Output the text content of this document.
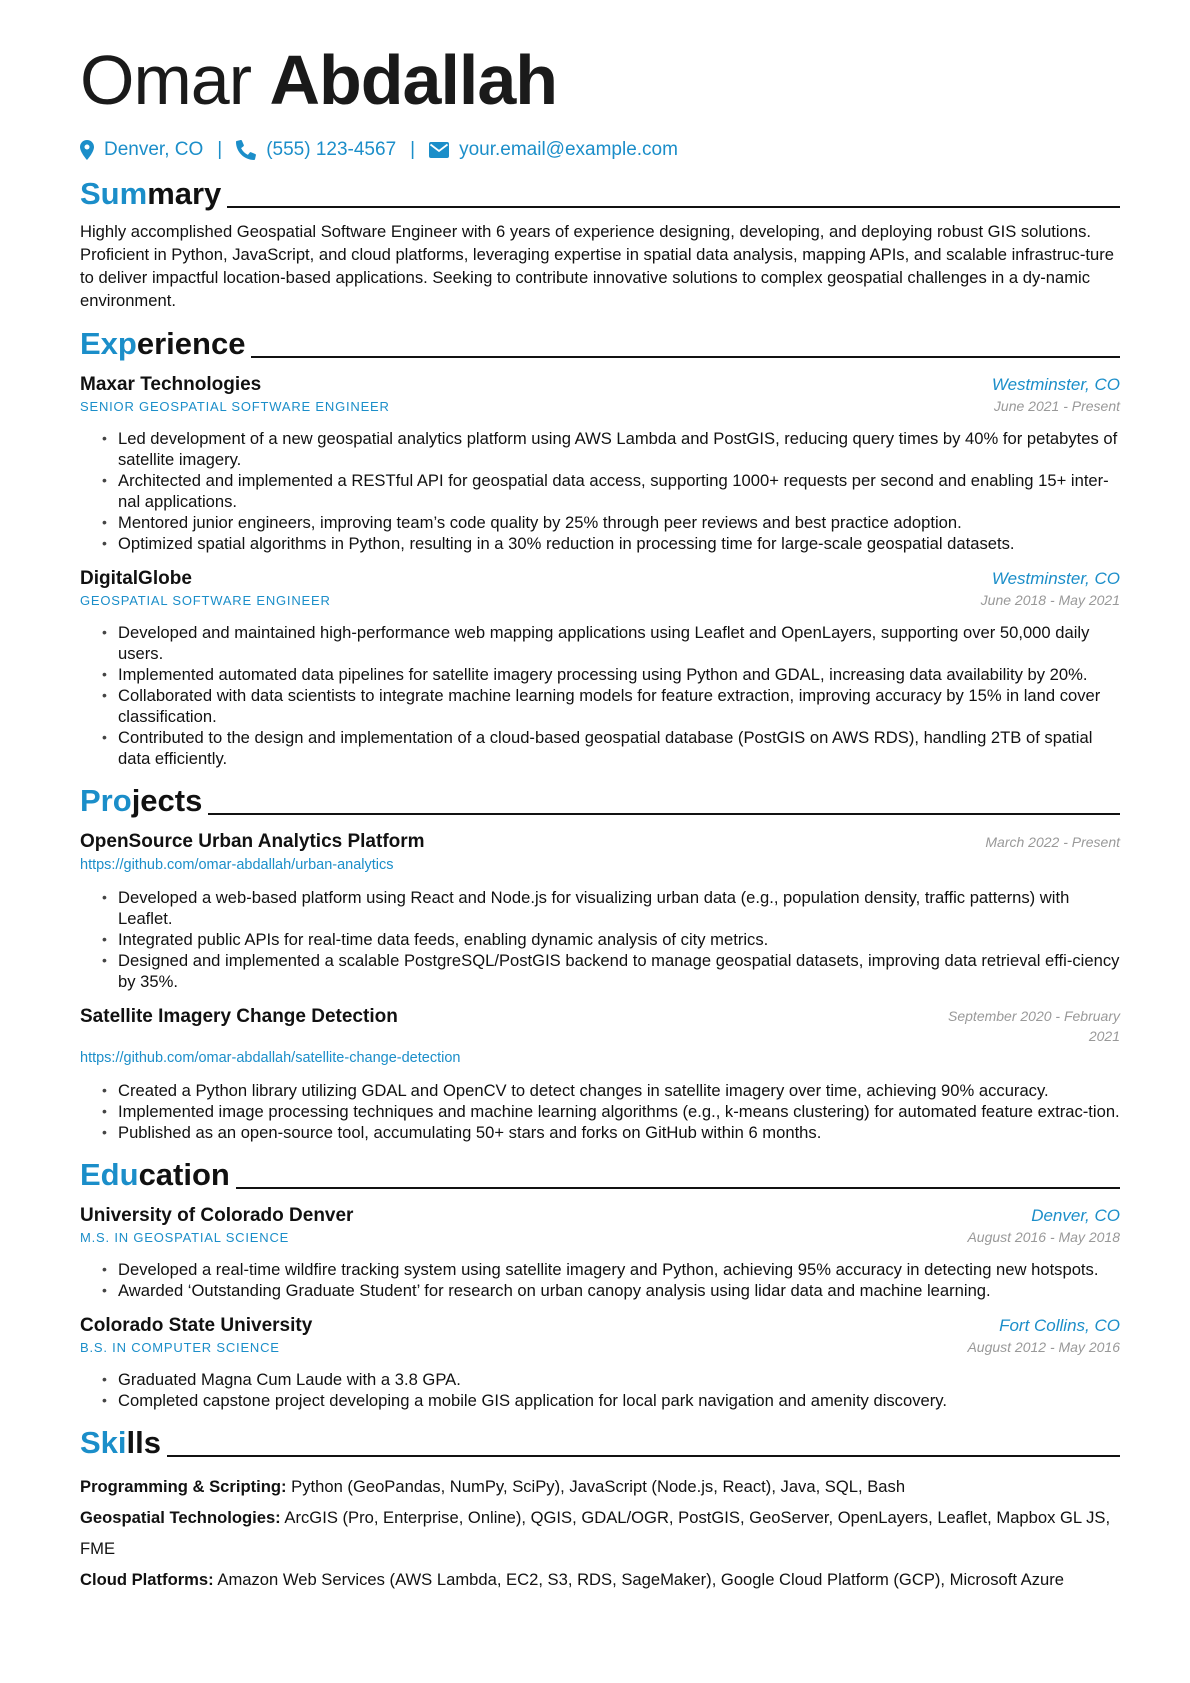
Omar Abdallah
Denver, CO | (555) 123-4567 | your.email@example.com
Summary
Highly accomplished Geospatial Software Engineer with 6 years of experience designing, developing, and deploying robust GIS solutions. Proficient in Python, JavaScript, and cloud platforms, leveraging expertise in spatial data analysis, mapping APIs, and scalable infrastruc-ture to deliver impactful location-based applications. Seeking to contribute innovative solutions to complex geospatial challenges in a dy-namic environment.
Experience
Maxar Technologies	Westminster, CO
SENIOR GEOSPATIAL SOFTWARE ENGINEER	June 2021 - Present
• Led development of a new geospatial analytics platform using AWS Lambda and PostGIS, reducing query times by 40% for petabytes of satellite imagery.
• Architected and implemented a RESTful API for geospatial data access, supporting 1000+ requests per second and enabling 15+ inter-nal applications.
• Mentored junior engineers, improving team’s code quality by 25% through peer reviews and best practice adoption.
• Optimized spatial algorithms in Python, resulting in a 30% reduction in processing time for large-scale geospatial datasets.
DigitalGlobe	Westminster, CO
GEOSPATIAL SOFTWARE ENGINEER	June 2018 - May 2021
• Developed and maintained high-performance web mapping applications using Leaflet and OpenLayers, supporting over 50,000 daily users.
• Implemented automated data pipelines for satellite imagery processing using Python and GDAL, increasing data availability by 20%.
• Collaborated with data scientists to integrate machine learning models for feature extraction, improving accuracy by 15% in land cover classification.
• Contributed to the design and implementation of a cloud-based geospatial database (PostGIS on AWS RDS), handling 2TB of spatial data efficiently.
Projects
OpenSource Urban Analytics Platform	March 2022 - Present
https://github.com/omar-abdallah/urban-analytics
• Developed a web-based platform using React and Node.js for visualizing urban data (e.g., population density, traffic patterns) with Leaflet.
• Integrated public APIs for real-time data feeds, enabling dynamic analysis of city metrics.
• Designed and implemented a scalable PostgreSQL/PostGIS backend to manage geospatial datasets, improving data retrieval effi-ciency by 35%.
Satellite Imagery Change Detection	September 2020 - February 2021
https://github.com/omar-abdallah/satellite-change-detection
• Created a Python library utilizing GDAL and OpenCV to detect changes in satellite imagery over time, achieving 90% accuracy.
• Implemented image processing techniques and machine learning algorithms (e.g., k-means clustering) for automated feature extrac-tion.
• Published as an open-source tool, accumulating 50+ stars and forks on GitHub within 6 months.
Education
University of Colorado Denver	Denver, CO
M.S. IN GEOSPATIAL SCIENCE	August 2016 - May 2018
• Developed a real-time wildfire tracking system using satellite imagery and Python, achieving 95% accuracy in detecting new hotspots.
• Awarded ‘Outstanding Graduate Student’ for research on urban canopy analysis using lidar data and machine learning.
Colorado State University	Fort Collins, CO
B.S. IN COMPUTER SCIENCE	August 2012 - May 2016
• Graduated Magna Cum Laude with a 3.8 GPA.
• Completed capstone project developing a mobile GIS application for local park navigation and amenity discovery.
Skills
Programming & Scripting: Python (GeoPandas, NumPy, SciPy), JavaScript (Node.js, React), Java, SQL, Bash
Geospatial Technologies: ArcGIS (Pro, Enterprise, Online), QGIS, GDAL/OGR, PostGIS, GeoServer, OpenLayers, Leaflet, Mapbox GL JS, FME
Cloud Platforms: Amazon Web Services (AWS Lambda, EC2, S3, RDS, SageMaker), Google Cloud Platform (GCP), Microsoft Azure
